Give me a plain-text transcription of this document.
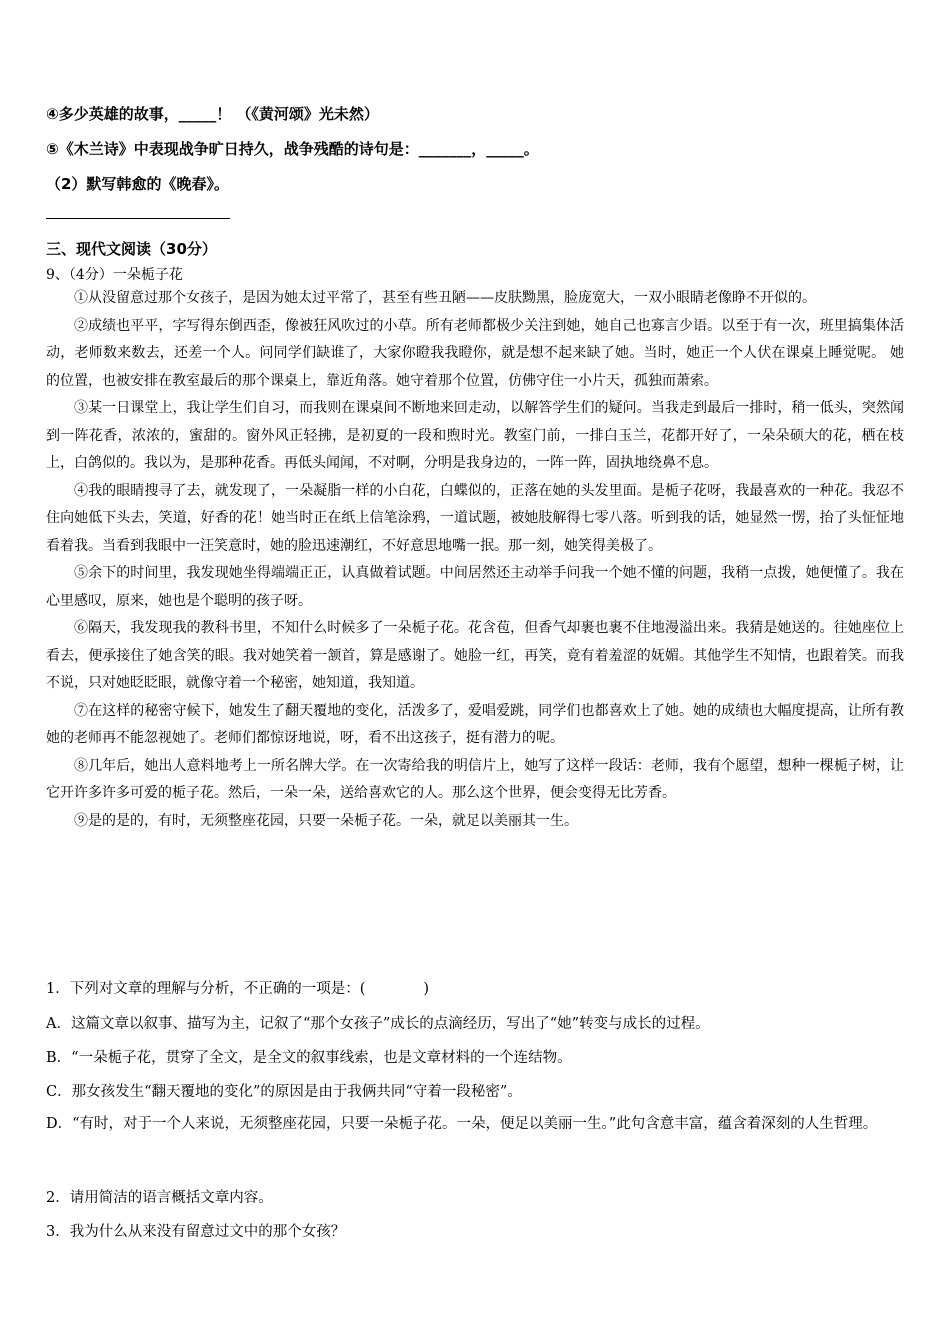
④多少英雄的故事，_____！ （《黄河颂》光未然）
⑤《木兰诗》中表现战争旷日持久，战争残酷的诗句是：_______，_____。
（2）默写韩愈的《晚春》。
三、现代文阅读（30分）
9、（4分）一朵栀子花

①从没留意过那个女孩子，是因为她太过平常了，甚至有些丑陋——皮肤黝黑，脸庞宽大，一双小眼睛老像睁不开似的。

②成绩也平平，字写得东倒西歪，像被狂风吹过的小草。所有老师都极少关注到她，她自己也寡言少语。以至于有一次，班里搞集体活动，老师数来数去，还差一个人。问同学们缺谁了，大家你瞪我我瞪你，就是想不起来缺了她。当时，她正一个人伏在课桌上睡觉呢。 她的位置，也被安排在教室最后的那个课桌上，靠近角落。她守着那个位置，仿佛守住一小片天，孤独而萧索。

③某一日课堂上，我让学生们自习，而我则在课桌间不断地来回走动，以解答学生们的疑问。当我走到最后一排时，稍一低头，突然闻到一阵花香，浓浓的，蜜甜的。窗外风正轻拂，是初夏的一段和煦时光。教室门前，一排白玉兰，花都开好了，一朵朵硕大的花，栖在枝上，白鸽似的。我以为，是那种花香。再低头闻闻，不对啊，分明是我身边的，一阵一阵，固执地绕鼻不息。

④我的眼睛搜寻了去，就发现了，一朵凝脂一样的小白花，白蝶似的，正落在她的头发里面。是栀子花呀，我最喜欢的一种花。我忍不住向她低下头去，笑道，好香的花！她当时正在纸上信笔涂鸦，一道试题，被她肢解得七零八落。听到我的话，她显然一愣，抬了头怔怔地看着我。当看到我眼中一汪笑意时，她的脸迅速潮红，不好意思地嘴一抿。那一刻，她笑得美极了。

⑤余下的时间里，我发现她坐得端端正正，认真做着试题。中间居然还主动举手问我一个她不懂的问题，我稍一点拨，她便懂了。我在心里感叹，原来，她也是个聪明的孩子呀。

⑥隔天，我发现我的教科书里，不知什么时候多了一朵栀子花。花含苞，但香气却裹也裹不住地漫溢出来。我猜是她送的。往她座位上看去，便承接住了她含笑的眼。我对她笑着一颔首，算是感谢了。她脸一红，再笑，竟有着羞涩的妩媚。其他学生不知情，也跟着笑。而我不说，只对她眨眨眼，就像守着一个秘密，她知道，我知道。

⑦在这样的秘密守候下，她发生了翻天覆地的变化，活泼多了，爱唱爱跳，同学们也都喜欢上了她。她的成绩也大幅度提高，让所有教她的老师再不能忽视她了。老师们都惊讶地说，呀，看不出这孩子，挺有潜力的呢。

⑧几年后，她出人意料地考上一所名牌大学。在一次寄给我的明信片上，她写了这样一段话：老师，我有个愿望，想种一棵栀子树，让它开许多许多可爱的栀子花。然后，一朵一朵，送给喜欢它的人。那么这个世界，便会变得无比芳香。

⑨是的是的，有时，无须整座花园，只要一朵栀子花。一朵，就足以美丽其一生。

1．下列对文章的理解与分析，不正确的一项是：(　　　　)
A．这篇文章以叙事、描写为主，记叙了“那个女孩子”成长的点滴经历，写出了“她”转变与成长的过程。
B．“一朵栀子花，贯穿了全文，是全文的叙事线索，也是文章材料的一个连结物。
C．那女孩发生“翻天覆地的变化”的原因是由于我俩共同“守着一段秘密”。
D．“有时，对于一个人来说，无须整座花园，只要一朵栀子花。一朵，便足以美丽一生。”此句含意丰富，蕴含着深刻的人生哲理。
2．请用简洁的语言概括文章内容。
3．我为什么从来没有留意过文中的那个女孩？
